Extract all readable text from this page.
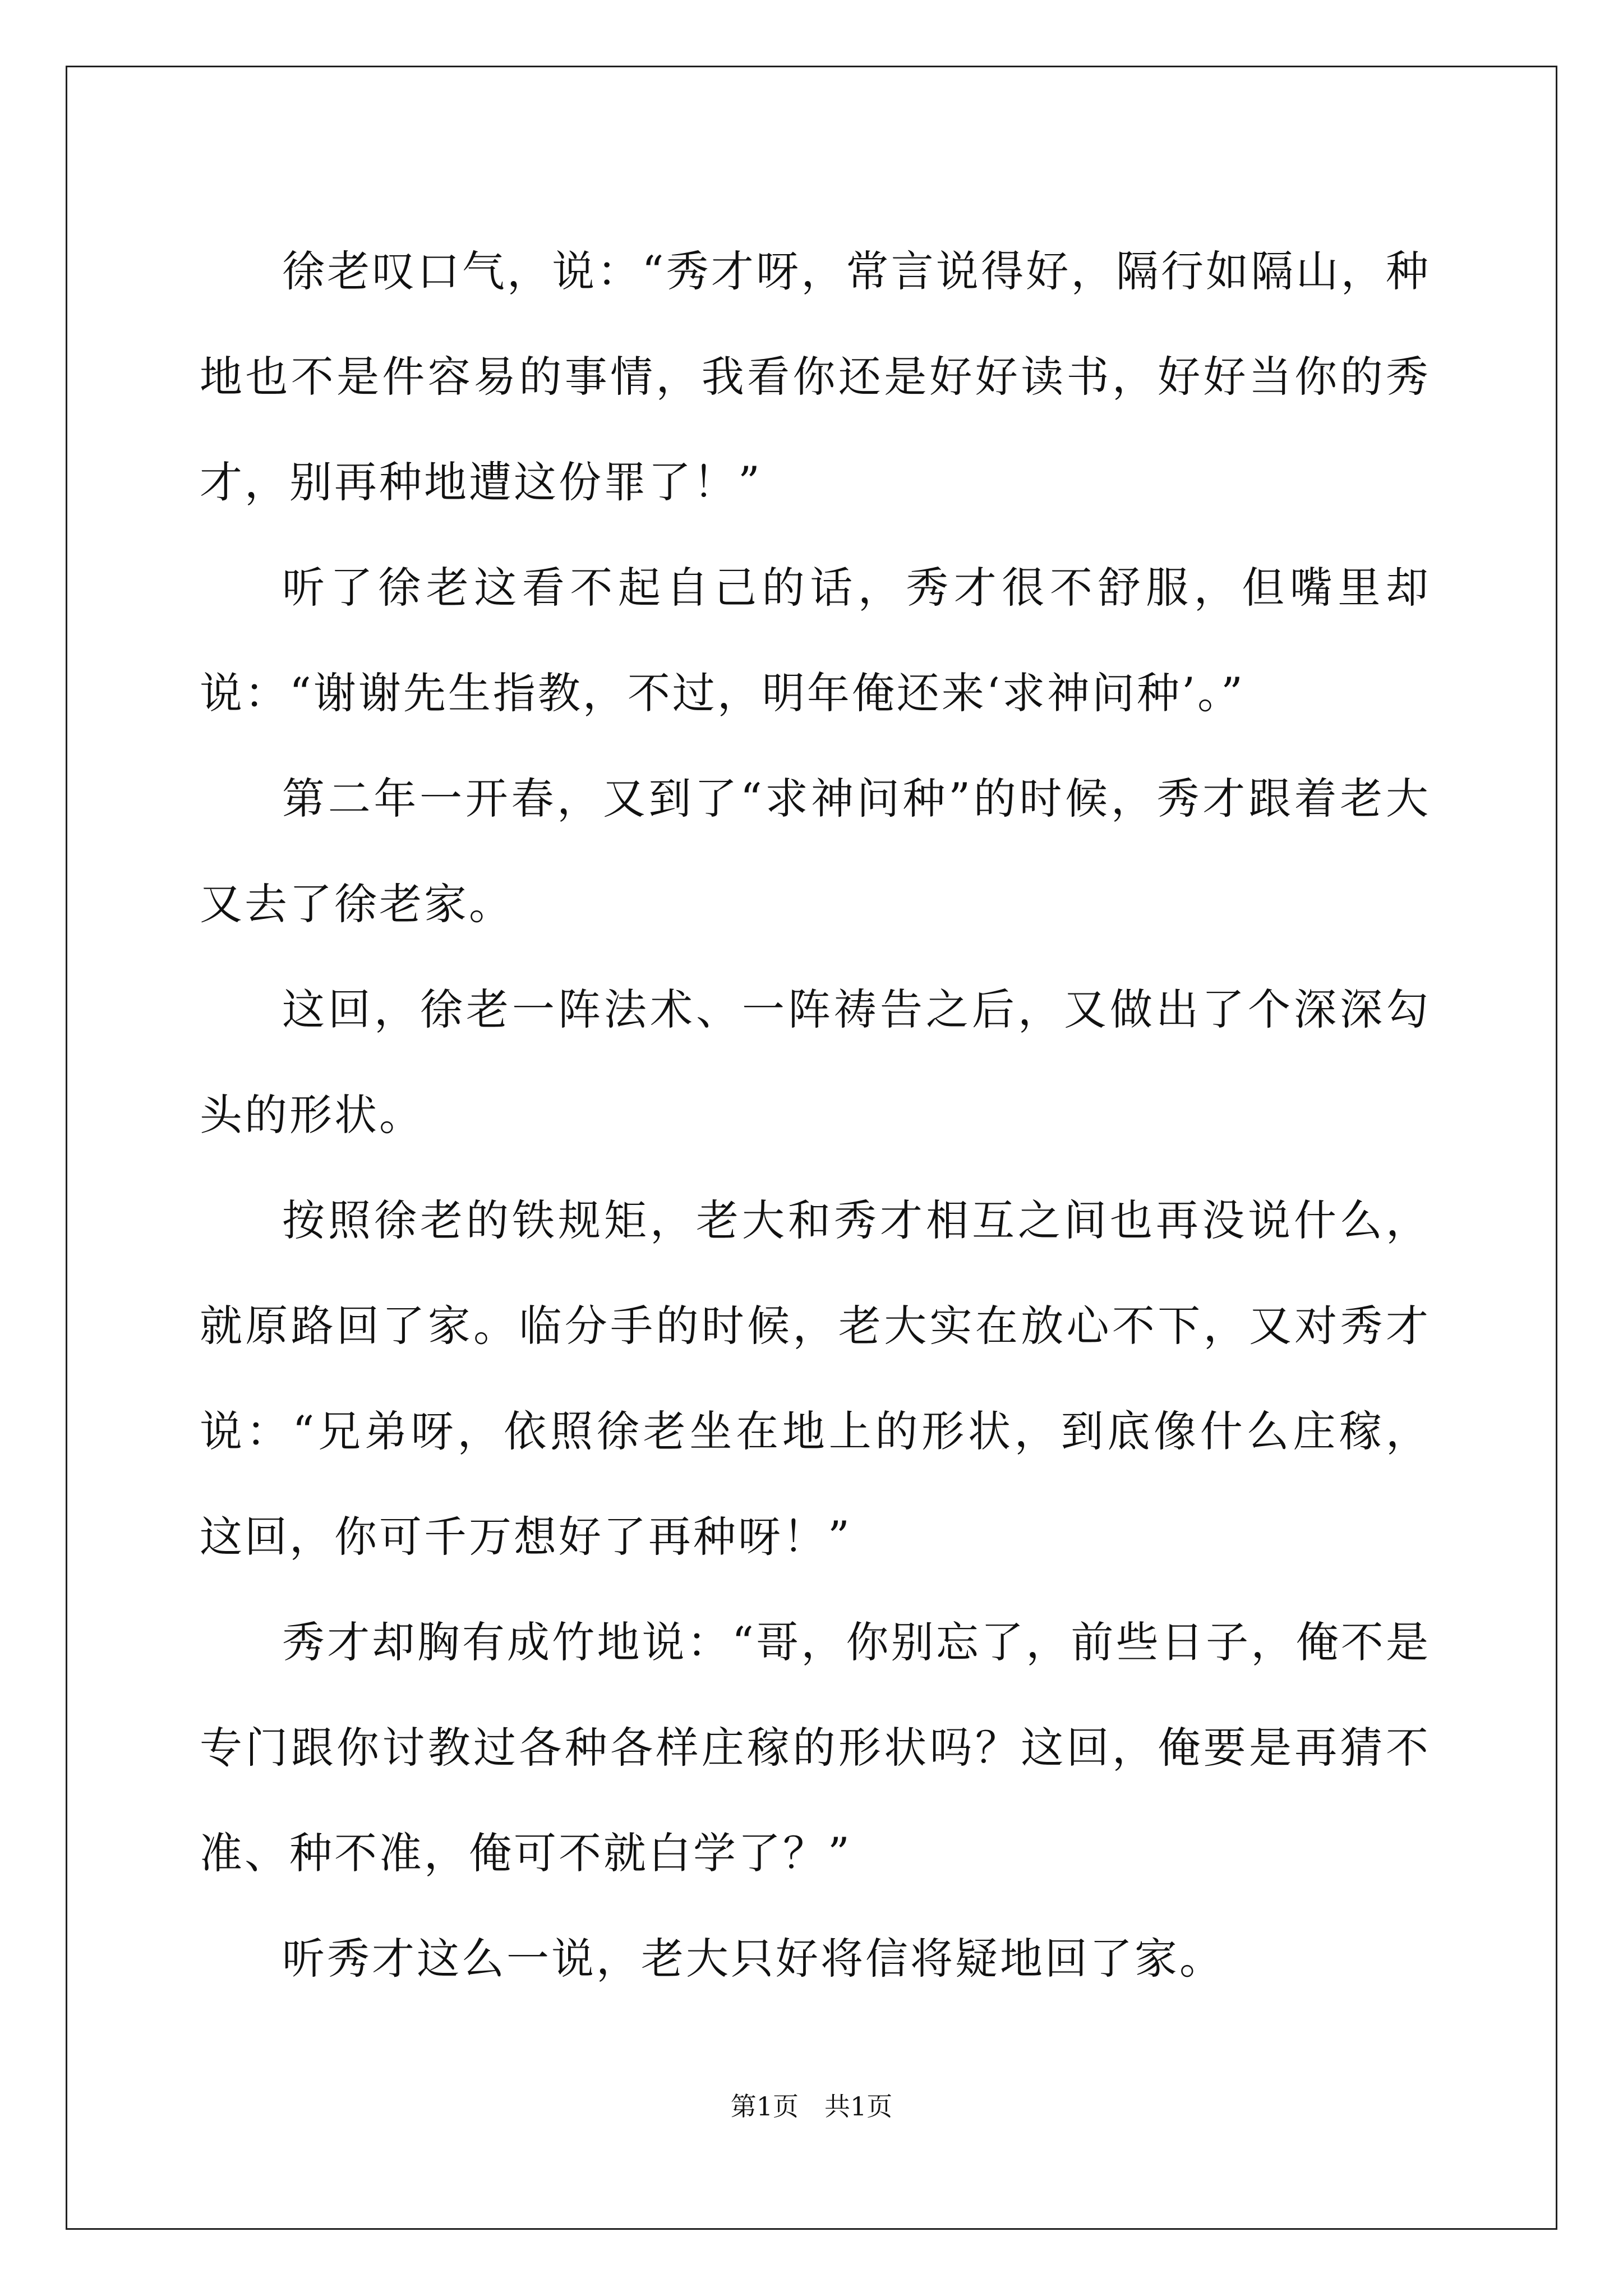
徐老叹口气，说：“秀才呀，常言说得好，隔行如隔山，种地也不是件容易的事情，我看你还是好好读书，好好当你的秀才，别再种地遭这份罪了！”

听了徐老这看不起自己的话，秀才很不舒服，但嘴里却说：“谢谢先生指教，不过，明年俺还来‘求神问种’。”

第二年一开春，又到了“求神问种”的时候，秀才跟着老大又去了徐老家。

这回，徐老一阵法术、一阵祷告之后，又做出了个深深勾头的形状。

按照徐老的铁规矩，老大和秀才相互之间也再没说什么，就原路回了家。临分手的时候，老大实在放心不下，又对秀才说：“兄弟呀，依照徐老坐在地上的形状，到底像什么庄稼，这回，你可千万想好了再种呀！”

秀才却胸有成竹地说：“哥，你别忘了，前些日子，俺不是专门跟你讨教过各种各样庄稼的形状吗？这回，俺要是再猜不准、种不准，俺可不就白学了？”

听秀才这么一说，老大只好将信将疑地回了家。

第1页　共1页
